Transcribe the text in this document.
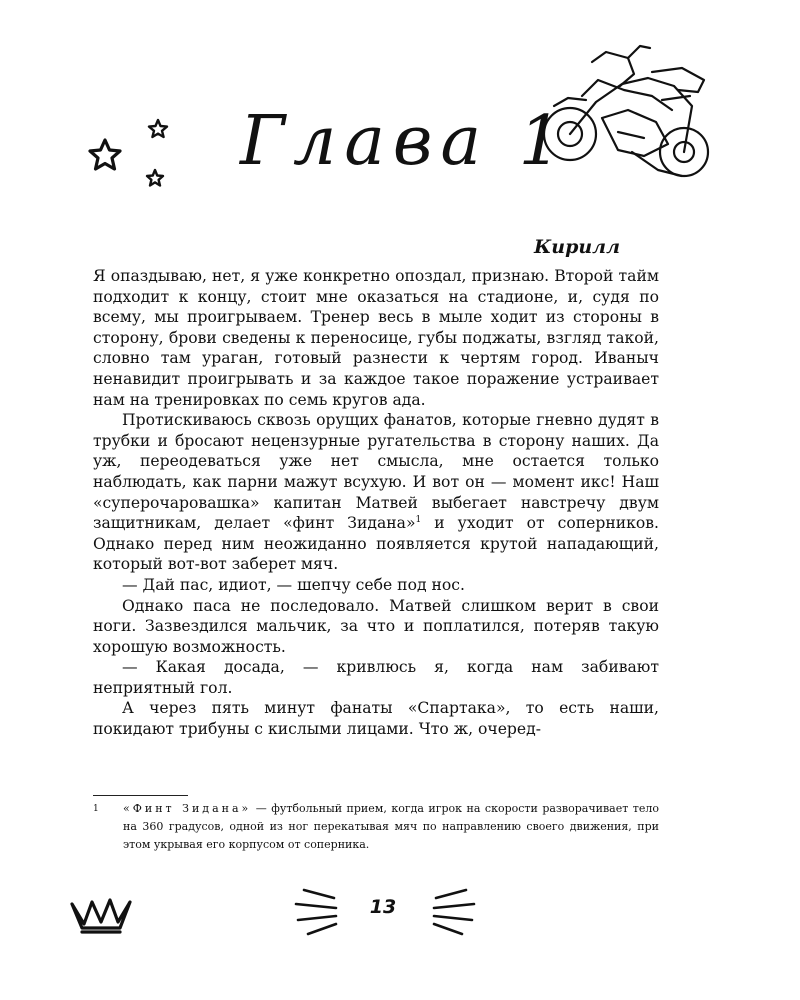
Глава 1
Кирилл

Я опаздываю, нет, я уже конкретно опоздал, признаю. Второй тайм подходит к концу, стоит мне оказаться на стадионе, и, судя по всему, мы проигрываем. Тренер весь в мыле ходит из стороны в сторону, брови сведены к переносице, губы поджаты, взгляд такой, словно там ураган, готовый разнести к чертям город. Иваныч ненавидит проигрывать и за каждое такое поражение устраивает нам на тренировках по семь кругов ада.

Протискиваюсь сквозь орущих фанатов, которые гневно дудят в трубки и бросают нецензурные ругательства в сторону наших. Да уж, переодеваться уже нет смысла, мне остается только наблюдать, как парни мажут всухую. И вот он — момент икс! Наш «суперочаровашка» капитан Матвей выбегает навстречу двум защитникам, делает «финт Зидана»$^1$ и уходит от соперников. Однако перед ним неожиданно появляется крутой нападающий, который вот-вот заберет мяч.

— Дай пас, идиот, — шепчу себе под нос.

Однако паса не последовало. Матвей слишком верит в свои ноги. Зазвездился мальчик, за что и поплатился, потеряв такую хорошую возможность.

— Какая досада, — кривлюсь я, когда нам забивают неприятный гол.

А через пять минут фанаты «Спартака», то есть наши, покидают трибуны с кислыми лицами. Что ж, очеред-

1 «Финт Зидана» — футбольный прием, когда игрок на скорости разворачивает тело на 360 градусов, одной из ног перекатывая мяч по направлению своего движения, при этом укрывая его корпусом от соперника.
13
